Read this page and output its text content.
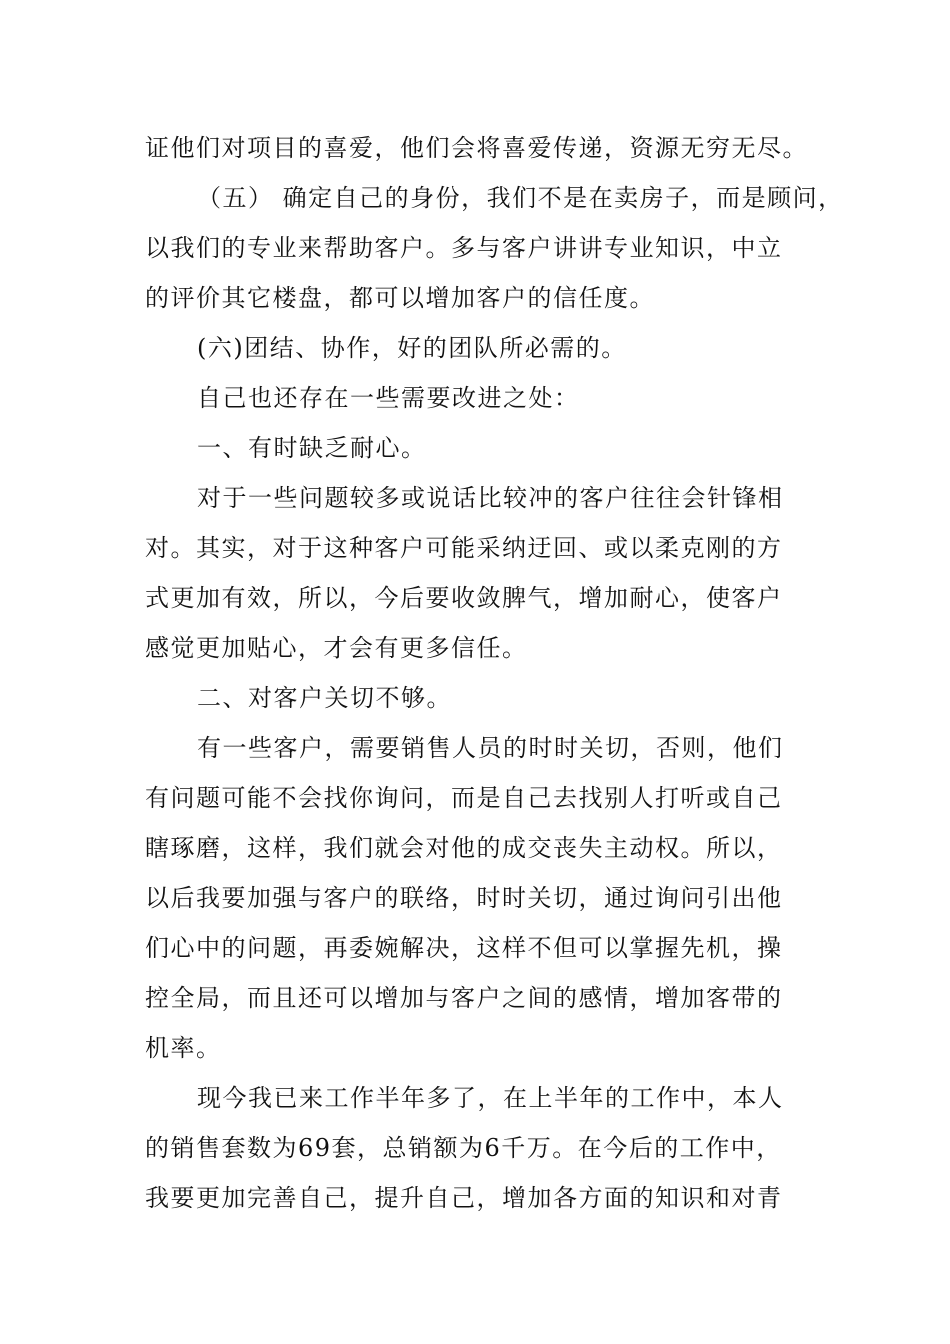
证他们对项目的喜爱，他们会将喜爱传递，资源无穷无尽。
（五） 确定自己的身份，我们不是在卖房子，而是顾问，
以我们的专业来帮助客户。多与客户讲讲专业知识，中立
的评价其它楼盘，都可以增加客户的信任度。
(六)团结、协作，好的团队所必需的。
自己也还存在一些需要改进之处：
一、有时缺乏耐心。
对于一些问题较多或说话比较冲的客户往往会针锋相
对。其实，对于这种客户可能采纳迂回、或以柔克刚的方
式更加有效，所以，今后要收敛脾气，增加耐心，使客户
感觉更加贴心，才会有更多信任。
二、对客户关切不够。
有一些客户，需要销售人员的时时关切，否则，他们
有问题可能不会找你询问，而是自己去找别人打听或自己
瞎琢磨，这样，我们就会对他的成交丧失主动权。所以，
以后我要加强与客户的联络，时时关切，通过询问引出他
们心中的问题，再委婉解决，这样不但可以掌握先机，操
控全局，而且还可以增加与客户之间的感情，增加客带的
机率。
现今我已来工作半年多了，在上半年的工作中，本人
的销售套数为69套，总销额为6千万。在今后的工作中，
我要更加完善自己，提升自己，增加各方面的知识和对青
